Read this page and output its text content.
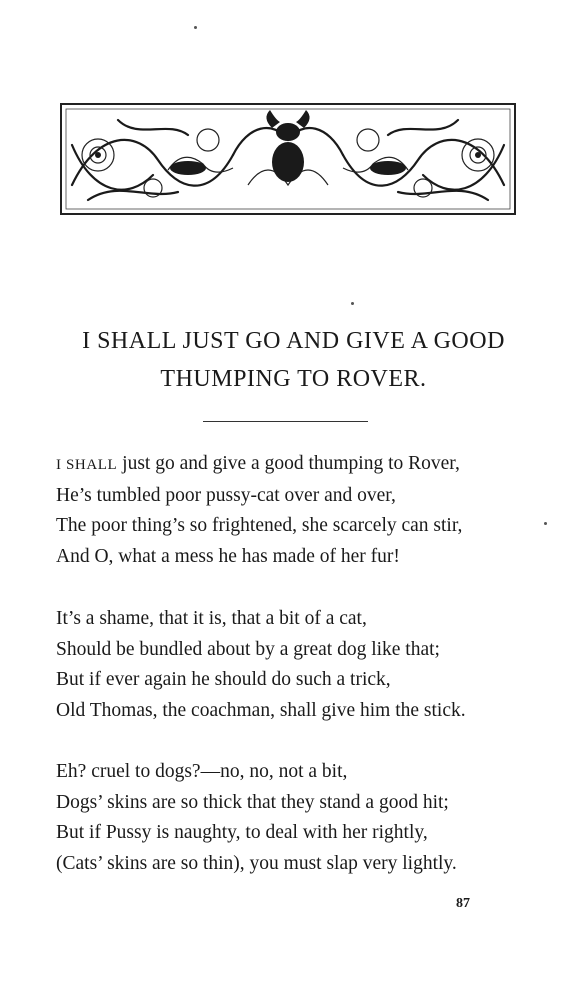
I SHALL JUST GO AND GIVE A GOOD
THUMPING TO ROVER.
I SHALL just go and give a good thumping to Rover,
He’s tumbled poor pussy-cat over and over,
The poor thing’s so frightened, she scarcely can stir,
And O, what a mess he has made of her fur!
It’s a shame, that it is, that a bit of a cat,
Should be bundled about by a great dog like that;
But if ever again he should do such a trick,
Old Thomas, the coachman, shall give him the stick.
Eh? cruel to dogs?—no, no, not a bit,
Dogs’ skins are so thick that they stand a good hit;
But if Pussy is naughty, to deal with her rightly,
(Cats’ skins are so thin), you must slap very lightly.
87
